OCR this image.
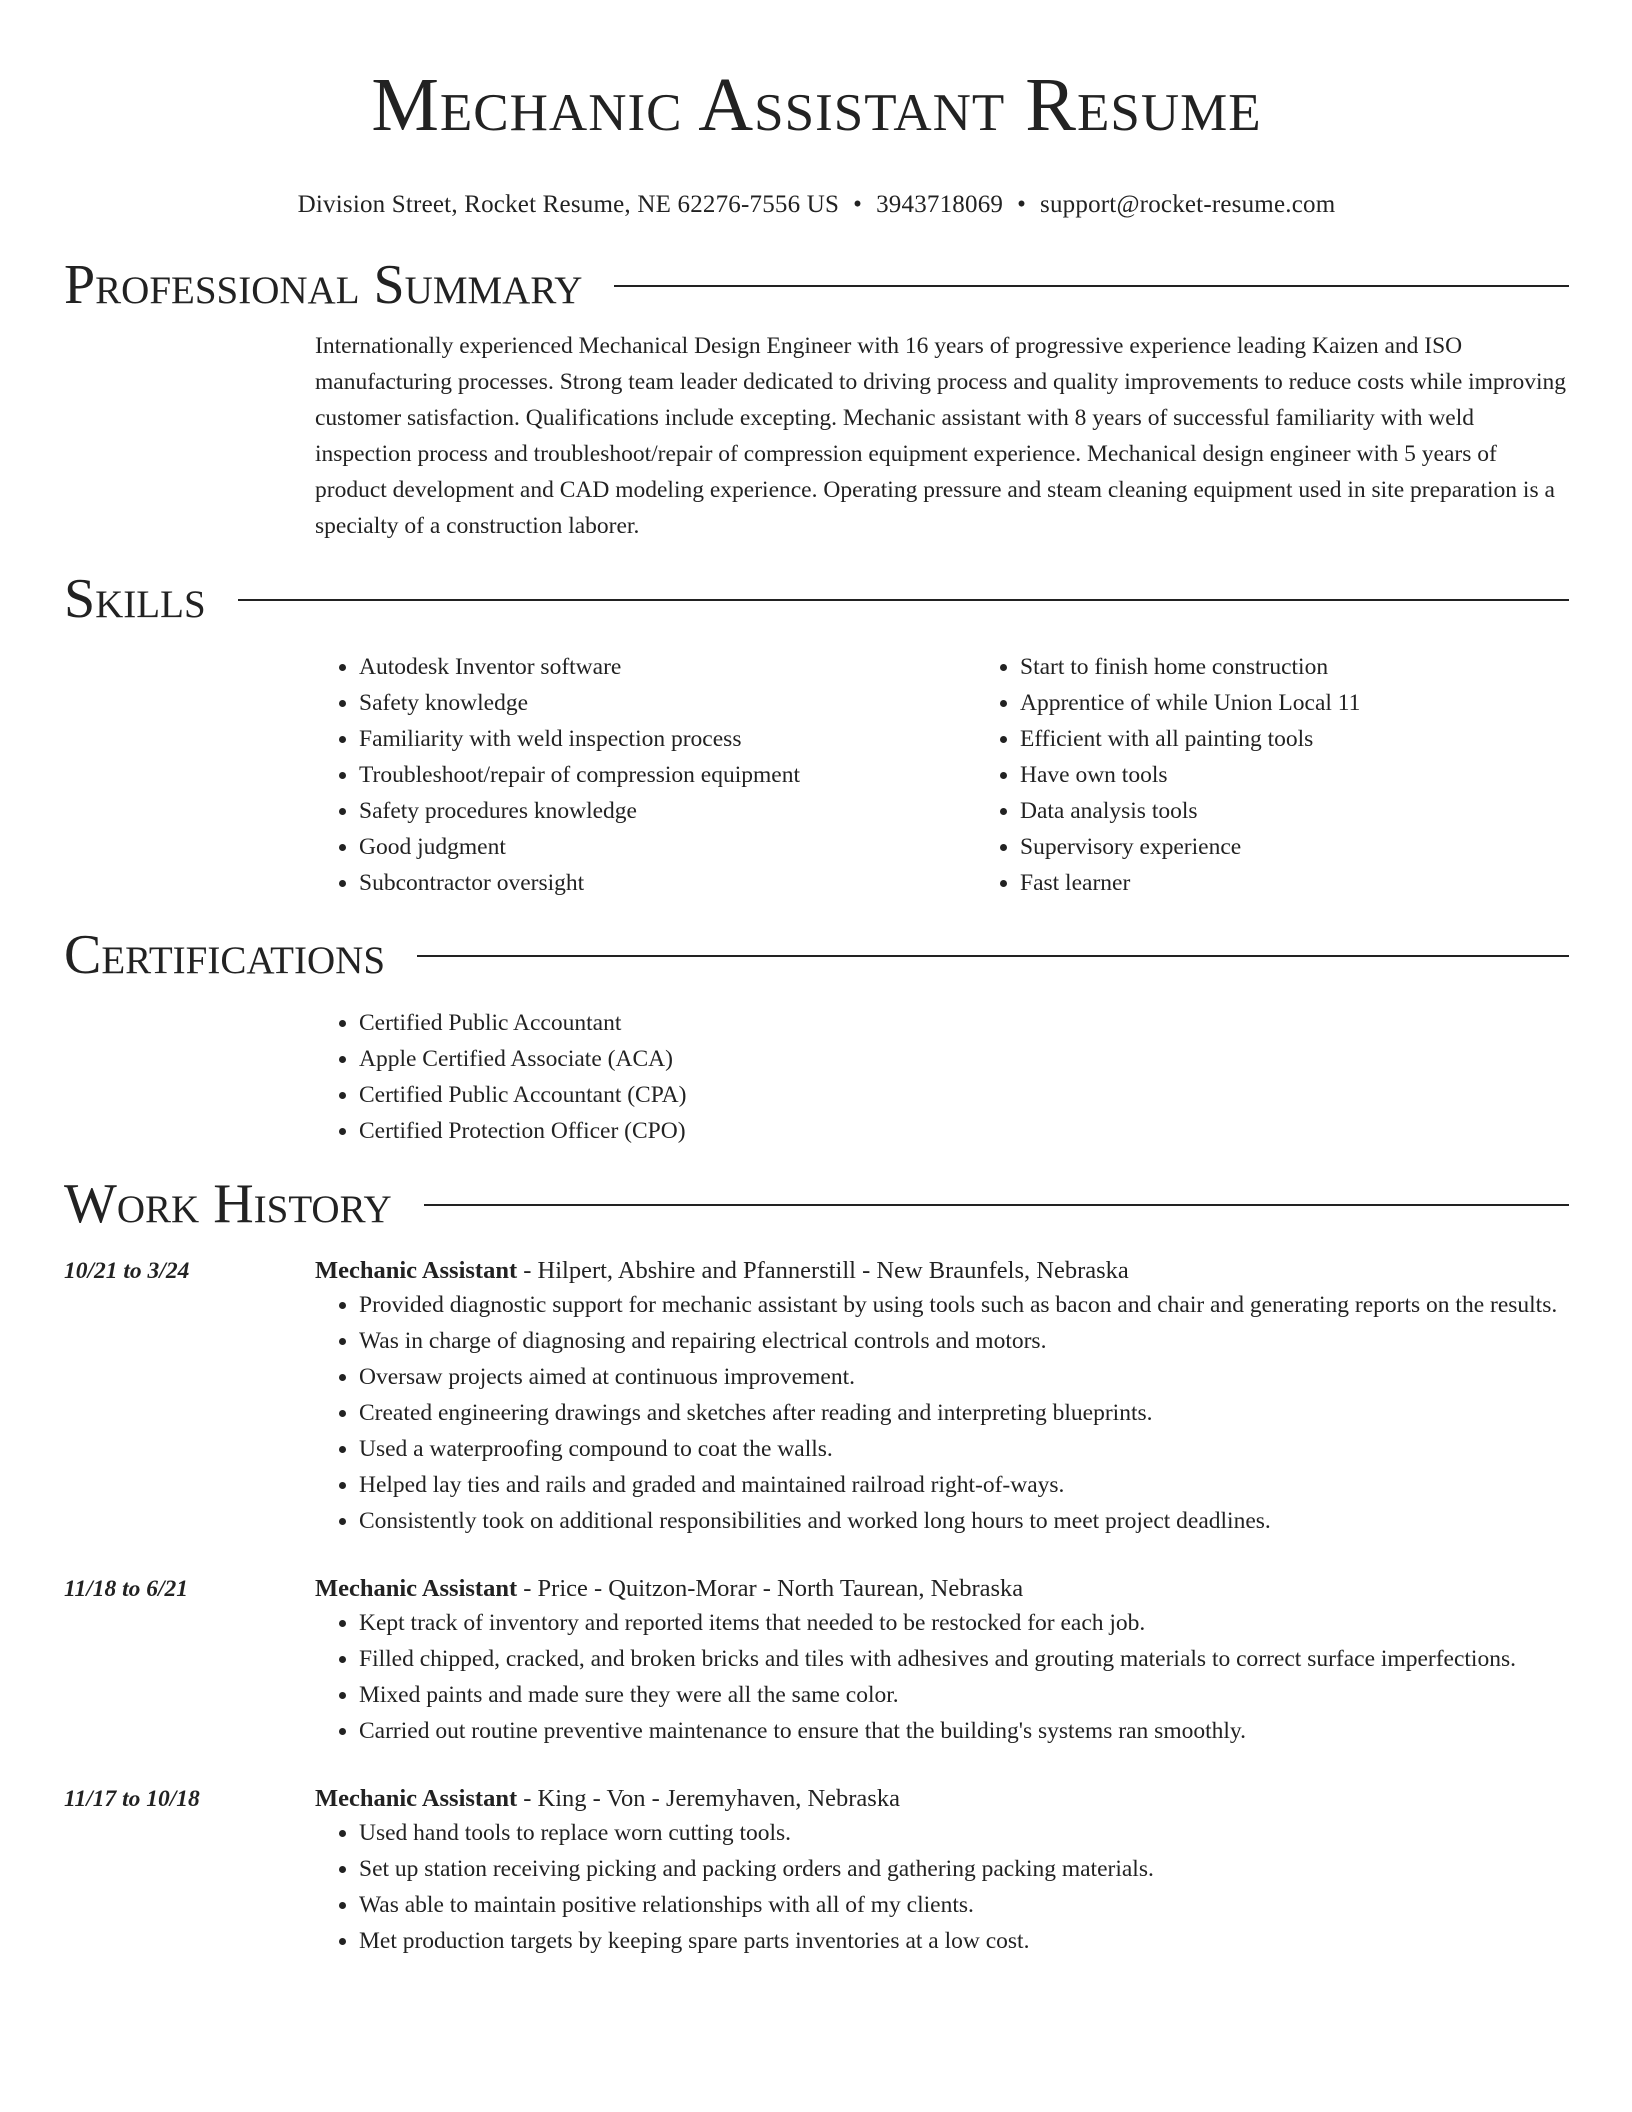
Mechanic Assistant Resume
Division Street, Rocket Resume, NE 62276-7556 US • 3943718069 • support@rocket-resume.com
Professional Summary

Internationally experienced Mechanical Design Engineer with 16 years of progressive experience leading Kaizen and ISO manufacturing processes. Strong team leader dedicated to driving process and quality improvements to reduce costs while improving customer satisfaction. Qualifications include excepting. Mechanic assistant with 8 years of successful familiarity with weld inspection process and troubleshoot/repair of compression equipment experience. Mechanical design engineer with 5 years of product development and CAD modeling experience. Operating pressure and steam cleaning equipment used in site preparation is a specialty of a construction laborer.

Skills
• Autodesk Inventor software
• Safety knowledge
• Familiarity with weld inspection process
• Troubleshoot/repair of compression equipment
• Safety procedures knowledge
• Good judgment
• Subcontractor oversight
• Start to finish home construction
• Apprentice of while Union Local 11
• Efficient with all painting tools
• Have own tools
• Data analysis tools
• Supervisory experience
• Fast learner
Certifications
• Certified Public Accountant
• Apple Certified Associate (ACA)
• Certified Public Accountant (CPA)
• Certified Protection Officer (CPO)
Work History
10/21 to 3/24	Mechanic Assistant - Hilpert, Abshire and Pfannerstill - New Braunfels, Nebraska
• Provided diagnostic support for mechanic assistant by using tools such as bacon and chair and generating reports on the results.
• Was in charge of diagnosing and repairing electrical controls and motors.
• Oversaw projects aimed at continuous improvement.
• Created engineering drawings and sketches after reading and interpreting blueprints.
• Used a waterproofing compound to coat the walls.
• Helped lay ties and rails and graded and maintained railroad right-of-ways.
• Consistently took on additional responsibilities and worked long hours to meet project deadlines.
11/18 to 6/21	Mechanic Assistant - Price - Quitzon-Morar - North Taurean, Nebraska
• Kept track of inventory and reported items that needed to be restocked for each job.
• Filled chipped, cracked, and broken bricks and tiles with adhesives and grouting materials to correct surface imperfections.
• Mixed paints and made sure they were all the same color.
• Carried out routine preventive maintenance to ensure that the building's systems ran smoothly.
11/17 to 10/18	Mechanic Assistant - King - Von - Jeremyhaven, Nebraska
• Used hand tools to replace worn cutting tools.
• Set up station receiving picking and packing orders and gathering packing materials.
• Was able to maintain positive relationships with all of my clients.
• Met production targets by keeping spare parts inventories at a low cost.
